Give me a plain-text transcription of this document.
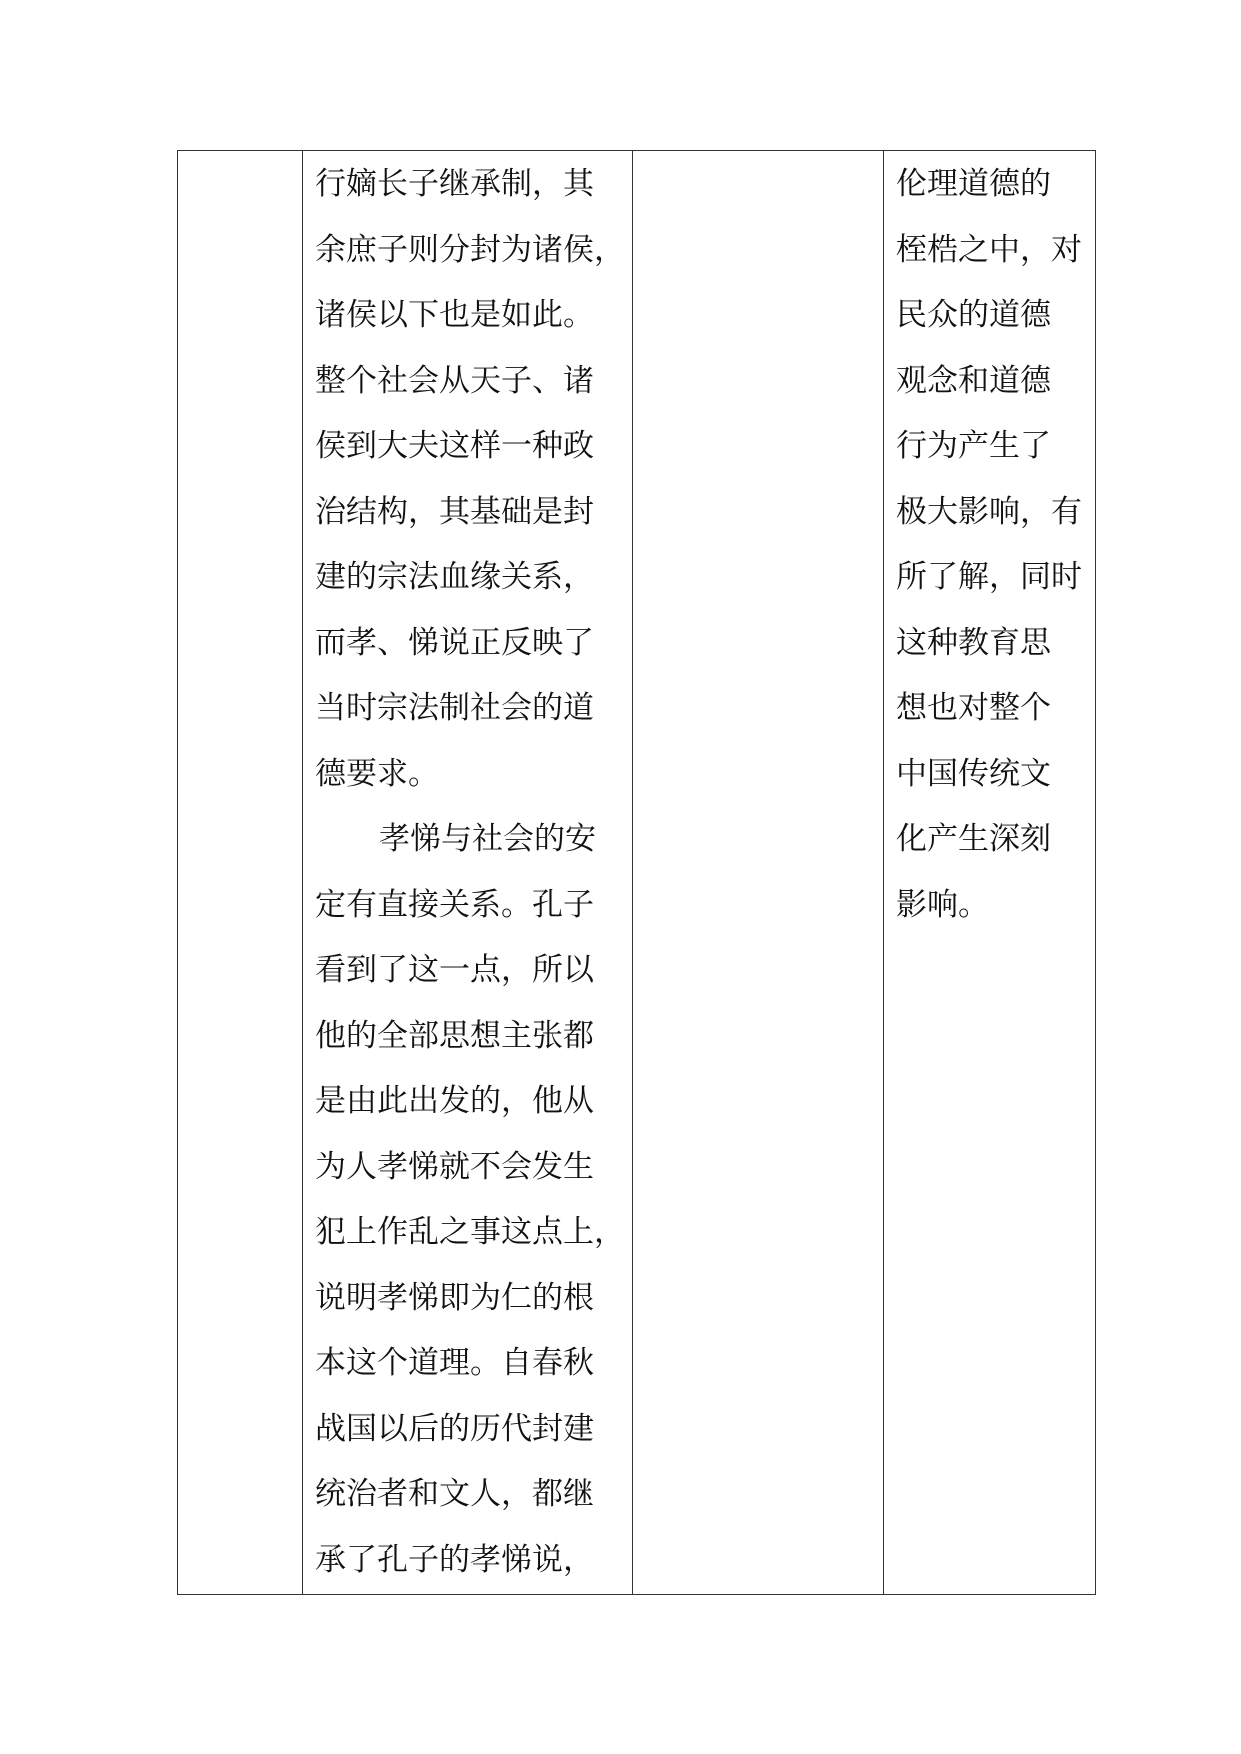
行嫡长子继承制，其
余庶子则分封为诸侯，
诸侯以下也是如此。
整个社会从天子、诸
侯到大夫这样一种政
治结构，其基础是封
建的宗法血缘关系，
而孝、悌说正反映了
当时宗法制社会的道
德要求。
孝悌与社会的安
定有直接关系。孔子
看到了这一点，所以
他的全部思想主张都
是由此出发的，他从
为人孝悌就不会发生
犯上作乱之事这点上，
说明孝悌即为仁的根
本这个道理。自春秋
战国以后的历代封建
统治者和文人，都继
承了孔子的孝悌说，

伦理道德的
桎梏之中，对
民众的道德
观念和道德
行为产生了
极大影响，有
所了解，同时
这种教育思
想也对整个
中国传统文
化产生深刻
影响。
